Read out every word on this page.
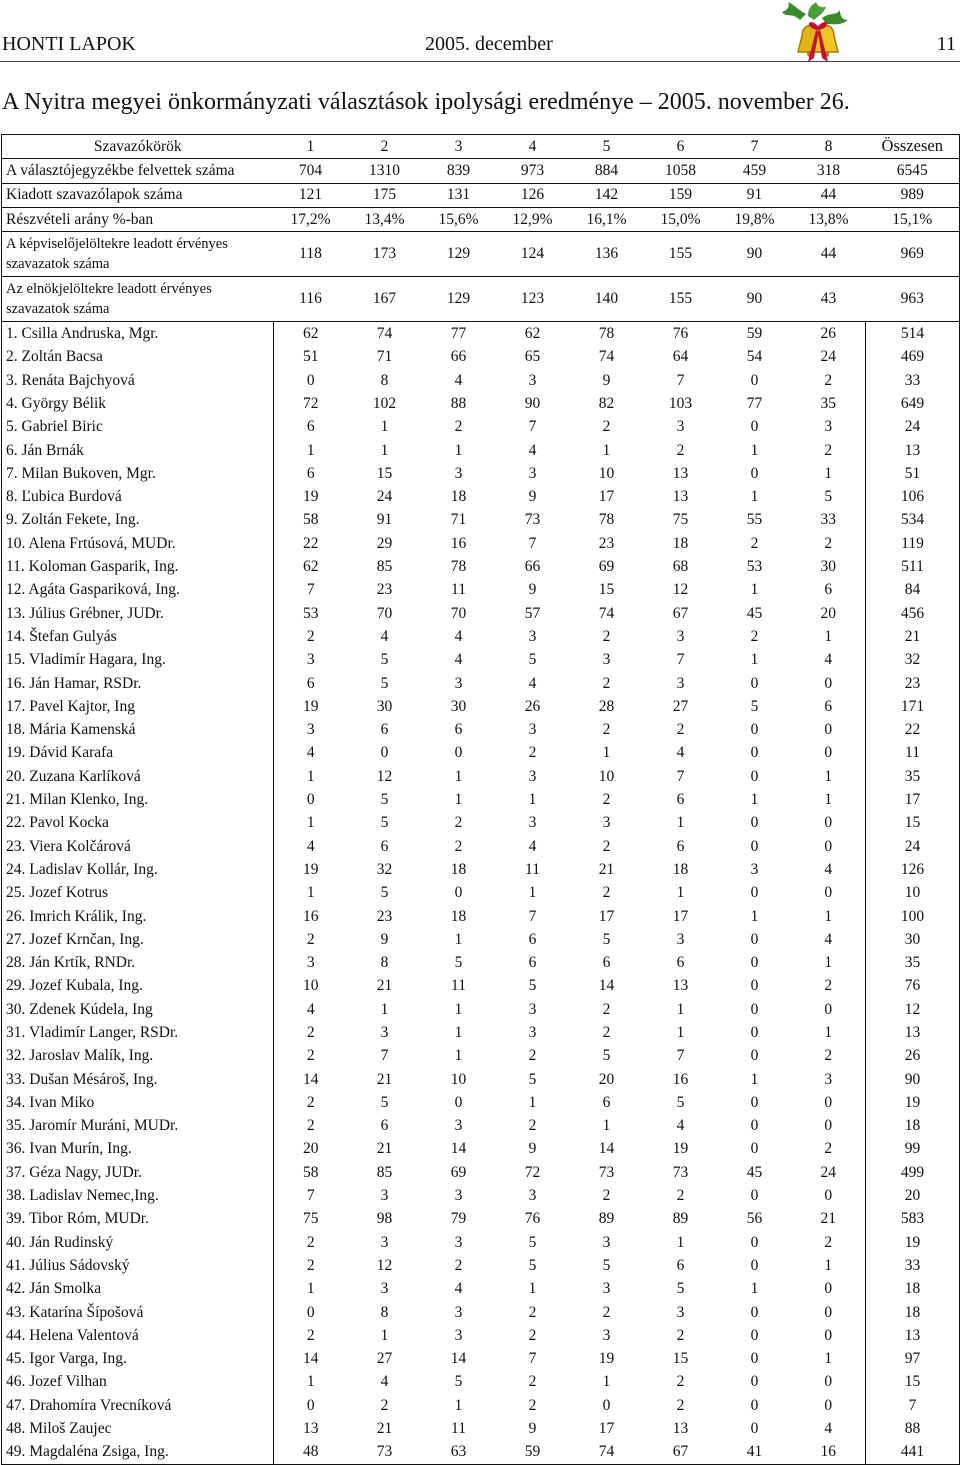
HONTI LAPOK	2005. december	11
A Nyitra megyei önkormányzati választások ipolysági eredménye – 2005. november 26.
Szavazókörök	1	2	3	4	5	6	7	8	Összesen
A választójegyzékbe felvettek száma	704	1310	839	973	884	1058	459	318	6545
Kiadott szavazólapok száma	121	175	131	126	142	159	91	44	989
Részvételi arány %-ban	17,2%	13,4%	15,6%	12,9%	16,1%	15,0%	19,8%	13,8%	15,1%
A képviselőjelöltekre leadott érvényes szavazatok száma	118	173	129	124	136	155	90	44	969
Az elnökjelöltekre leadott érvényes szavazatok száma	116	167	129	123	140	155	90	43	963
1. Csilla Andruska, Mgr.	62	74	77	62	78	76	59	26	514
2. Zoltán Bacsa	51	71	66	65	74	64	54	24	469
3. Renáta Bajchyová	0	8	4	3	9	7	0	2	33
4. György Bélik	72	102	88	90	82	103	77	35	649
5. Gabriel Biric	6	1	2	7	2	3	0	3	24
6. Ján Brnák	1	1	1	4	1	2	1	2	13
7. Milan Bukoven, Mgr.	6	15	3	3	10	13	0	1	51
8. Ľubica Burdová	19	24	18	9	17	13	1	5	106
9. Zoltán Fekete, Ing.	58	91	71	73	78	75	55	33	534
10. Alena Frtúsová, MUDr.	22	29	16	7	23	18	2	2	119
11. Koloman Gasparik, Ing.	62	85	78	66	69	68	53	30	511
12. Agáta Gaspariková, Ing.	7	23	11	9	15	12	1	6	84
13. Július Grébner, JUDr.	53	70	70	57	74	67	45	20	456
14. Štefan Gulyás	2	4	4	3	2	3	2	1	21
15. Vladimír Hagara, Ing.	3	5	4	5	3	7	1	4	32
16. Ján Hamar, RSDr.	6	5	3	4	2	3	0	0	23
17. Pavel Kajtor, Ing	19	30	30	26	28	27	5	6	171
18. Mária Kamenská	3	6	6	3	2	2	0	0	22
19. Dávid Karafa	4	0	0	2	1	4	0	0	11
20. Zuzana Karlíková	1	12	1	3	10	7	0	1	35
21. Milan Klenko, Ing.	0	5	1	1	2	6	1	1	17
22. Pavol Kocka	1	5	2	3	3	1	0	0	15
23. Viera Kolčárová	4	6	2	4	2	6	0	0	24
24. Ladislav Kollár, Ing.	19	32	18	11	21	18	3	4	126
25. Jozef Kotrus	1	5	0	1	2	1	0	0	10
26. Imrich Králik, Ing.	16	23	18	7	17	17	1	1	100
27. Jozef Krnčan, Ing.	2	9	1	6	5	3	0	4	30
28. Ján Krtík, RNDr.	3	8	5	6	6	6	0	1	35
29. Jozef Kubala, Ing.	10	21	11	5	14	13	0	2	76
30. Zdenek Kúdela, Ing	4	1	1	3	2	1	0	0	12
31. Vladimír Langer, RSDr.	2	3	1	3	2	1	0	1	13
32. Jaroslav Malík, Ing.	2	7	1	2	5	7	0	2	26
33. Dušan Mésároš, Ing.	14	21	10	5	20	16	1	3	90
34. Ivan Miko	2	5	0	1	6	5	0	0	19
35. Jaromír Muráni, MUDr.	2	6	3	2	1	4	0	0	18
36. Ivan Murín, Ing.	20	21	14	9	14	19	0	2	99
37. Géza Nagy, JUDr.	58	85	69	72	73	73	45	24	499
38. Ladislav Nemec,Ing.	7	3	3	3	2	2	0	0	20
39. Tibor Róm, MUDr.	75	98	79	76	89	89	56	21	583
40. Ján Rudinský	2	3	3	5	3	1	0	2	19
41. Július Sádovský	2	12	2	5	5	6	0	1	33
42. Ján Smolka	1	3	4	1	3	5	1	0	18
43. Katarína Šípošová	0	8	3	2	2	3	0	0	18
44. Helena Valentová	2	1	3	2	3	2	0	0	13
45. Igor Varga, Ing.	14	27	14	7	19	15	0	1	97
46. Jozef Vilhan	1	4	5	2	1	2	0	0	15
47. Drahomíra Vrecníková	0	2	1	2	0	2	0	0	7
48. Miloš Zaujec	13	21	11	9	17	13	0	4	88
49. Magdaléna Zsiga, Ing.	48	73	63	59	74	67	41	16	441
